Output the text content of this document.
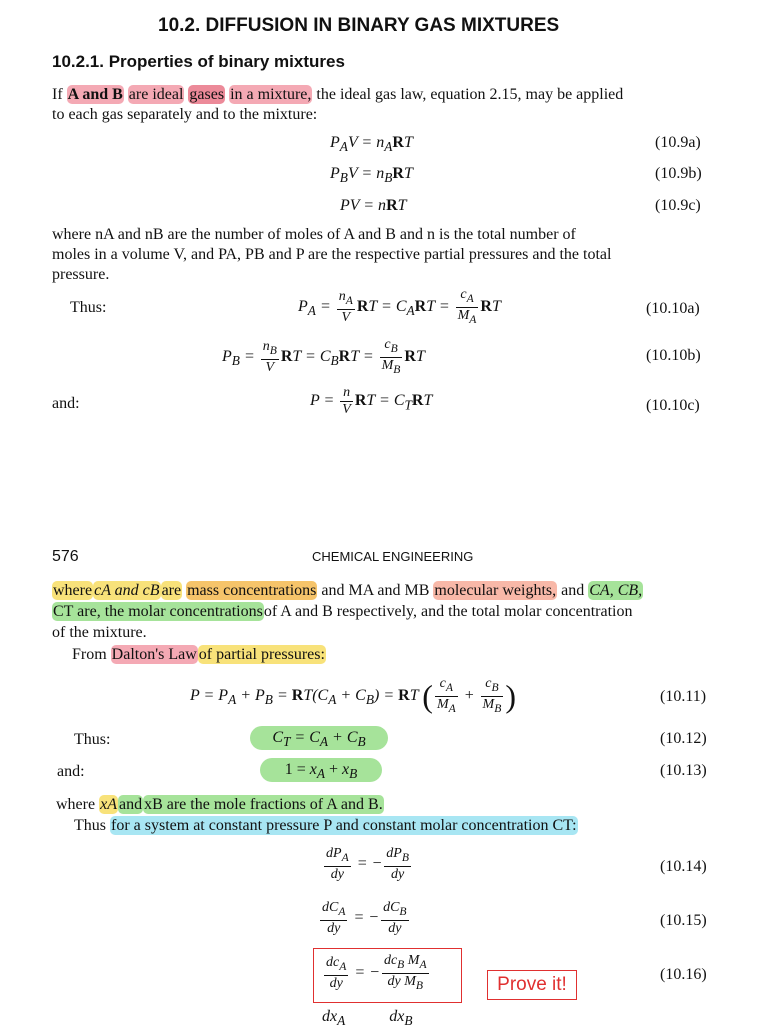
10.2. DIFFUSION IN BINARY GAS MIXTURES
10.2.1. Properties of binary mixtures
If A and B are ideal gases in a mixture, the ideal gas law, equation 2.15, may be applied
to each gas separately and to the mixture:
$P_AV = n_ART$	(10.9a)
$P_BV = n_BRT$	(10.9b)
PV = nRT	(10.9c)
where nA and nB are the number of moles of A and B and n is the total number of
moles in a volume V, and PA, PB and P are the respective partial pressures and the total
pressure.
Thus:	$P_A = \frac{n_A}{V}$ RT = $C_ART = \frac{c_A}{M_A}$ RT	(10.10a)
$P_B = \frac{n_B}{V}$ RT = $C_BRT = \frac{c_B}{M_B}$ RT	(10.10b)
and:	$P = \frac{n}{V}$ RT = $C_TRT$	(10.10c)
576	CHEMICAL ENGINEERING
where cA and cB are mass concentrations and MA and MB molecular weights, and CA, CB,
CT are, the molar concentrationsof A and B respectively, and the total molar concentration
of the mixture.
From Dalton's Law of partial pressures:
$P = P_A + P_B = RT(C_A + C_B)$ = RT ( $\frac{c_A}{M_A} + \frac{c_B}{M_B}$ )	(10.11)
Thus:	$C_T = C_A + C_B$	(10.12)
and:	$1 = x_A + x_B$	(10.13)
where xA and xB are the mole fractions of A and B.
Thus for a system at constant pressure P and constant molar concentration CT:
$\frac{dP_A}{dy}$ = − $\frac{dP_B}{dy}$	(10.14)
$\frac{dC_A}{dy}$ = − $\frac{dC_B}{dy}$	(10.15)
$\frac{dc_A}{dy}$ = − $\frac{dc_B M_A}{dy M_B}$	Prove it!	(10.16)
$dx_A$           $dx_B$
